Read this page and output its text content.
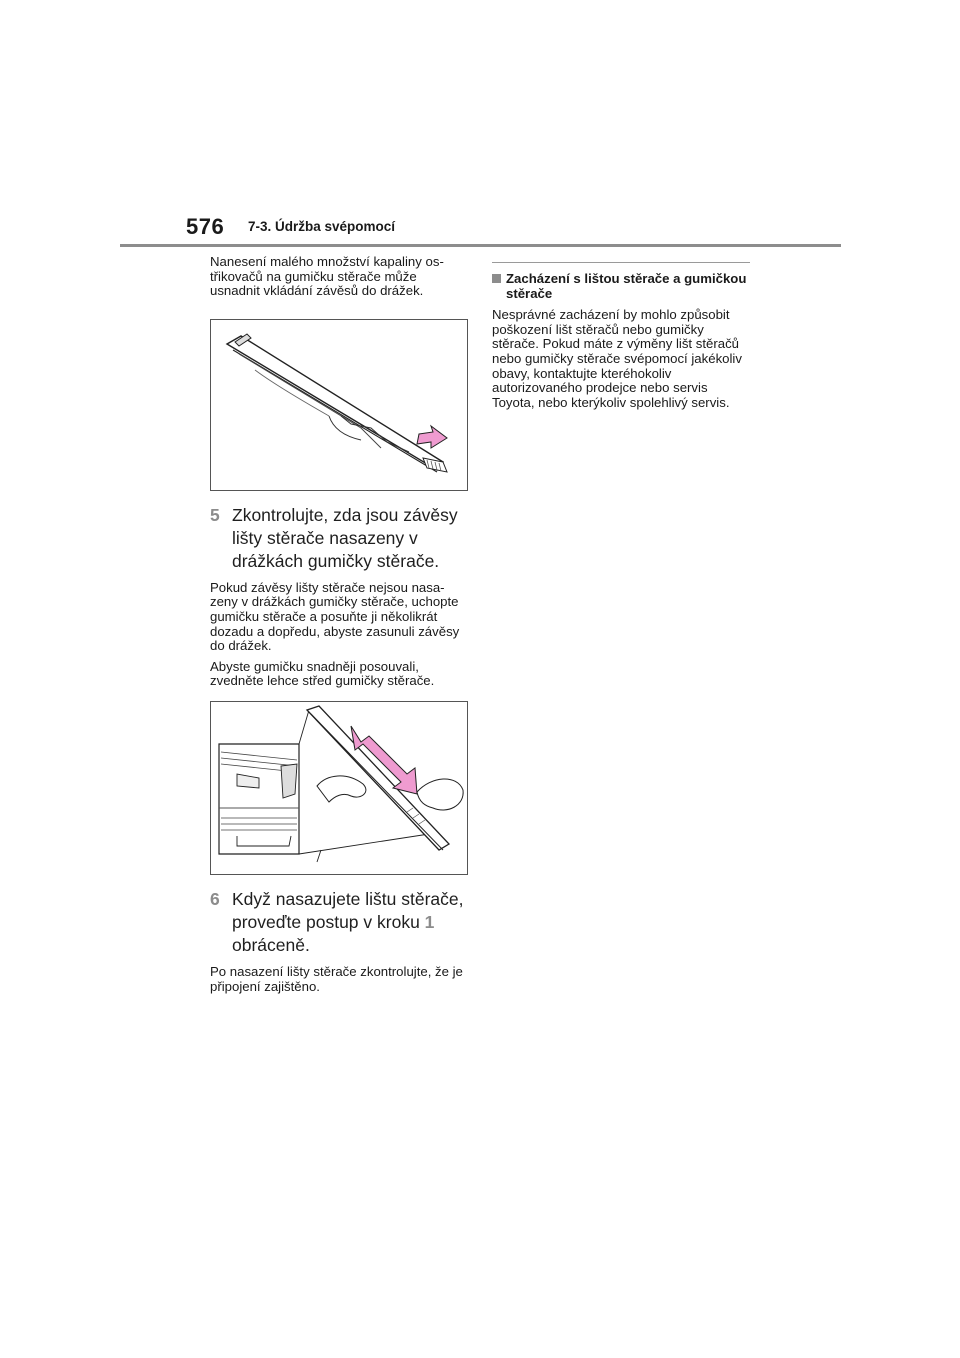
576 7-3. Údržba svépomocí

Nanesení malého množství kapaliny ostřikovačů na gumičku stěrače může usnadnit vkládání závěsů do drážek.

5 Zkontrolujte, zda jsou závěsy lišty stěrače nasazeny v drážkách gumičky stěrače.

Pokud závěsy lišty stěrače nejsou nasazeny v drážkách gumičky stěrače, uchopte gumičku stěrače a posuňte ji několikrát dozadu a dopředu, abyste zasunuli závěsy do drážek.

Abyste gumičku snadněji posouvali, zvedněte lehce střed gumičky stěrače.

6 Když nasazujete lištu stěrače, proveďte postup v kroku 1 obráceně.

Po nasazení lišty stěrače zkontrolujte, že je připojení zajištěno.

Zacházení s lištou stěrače a gumičkou stěrače

Nesprávné zacházení by mohlo způsobit poškození lišt stěračů nebo gumičky stěrače. Pokud máte z výměny lišt stěračů nebo gumičky stěrače svépomocí jakékoliv obavy, kontaktujte kteréhokoliv autorizovaného prodejce nebo servis Toyota, nebo kterýkoliv spolehlivý servis.
